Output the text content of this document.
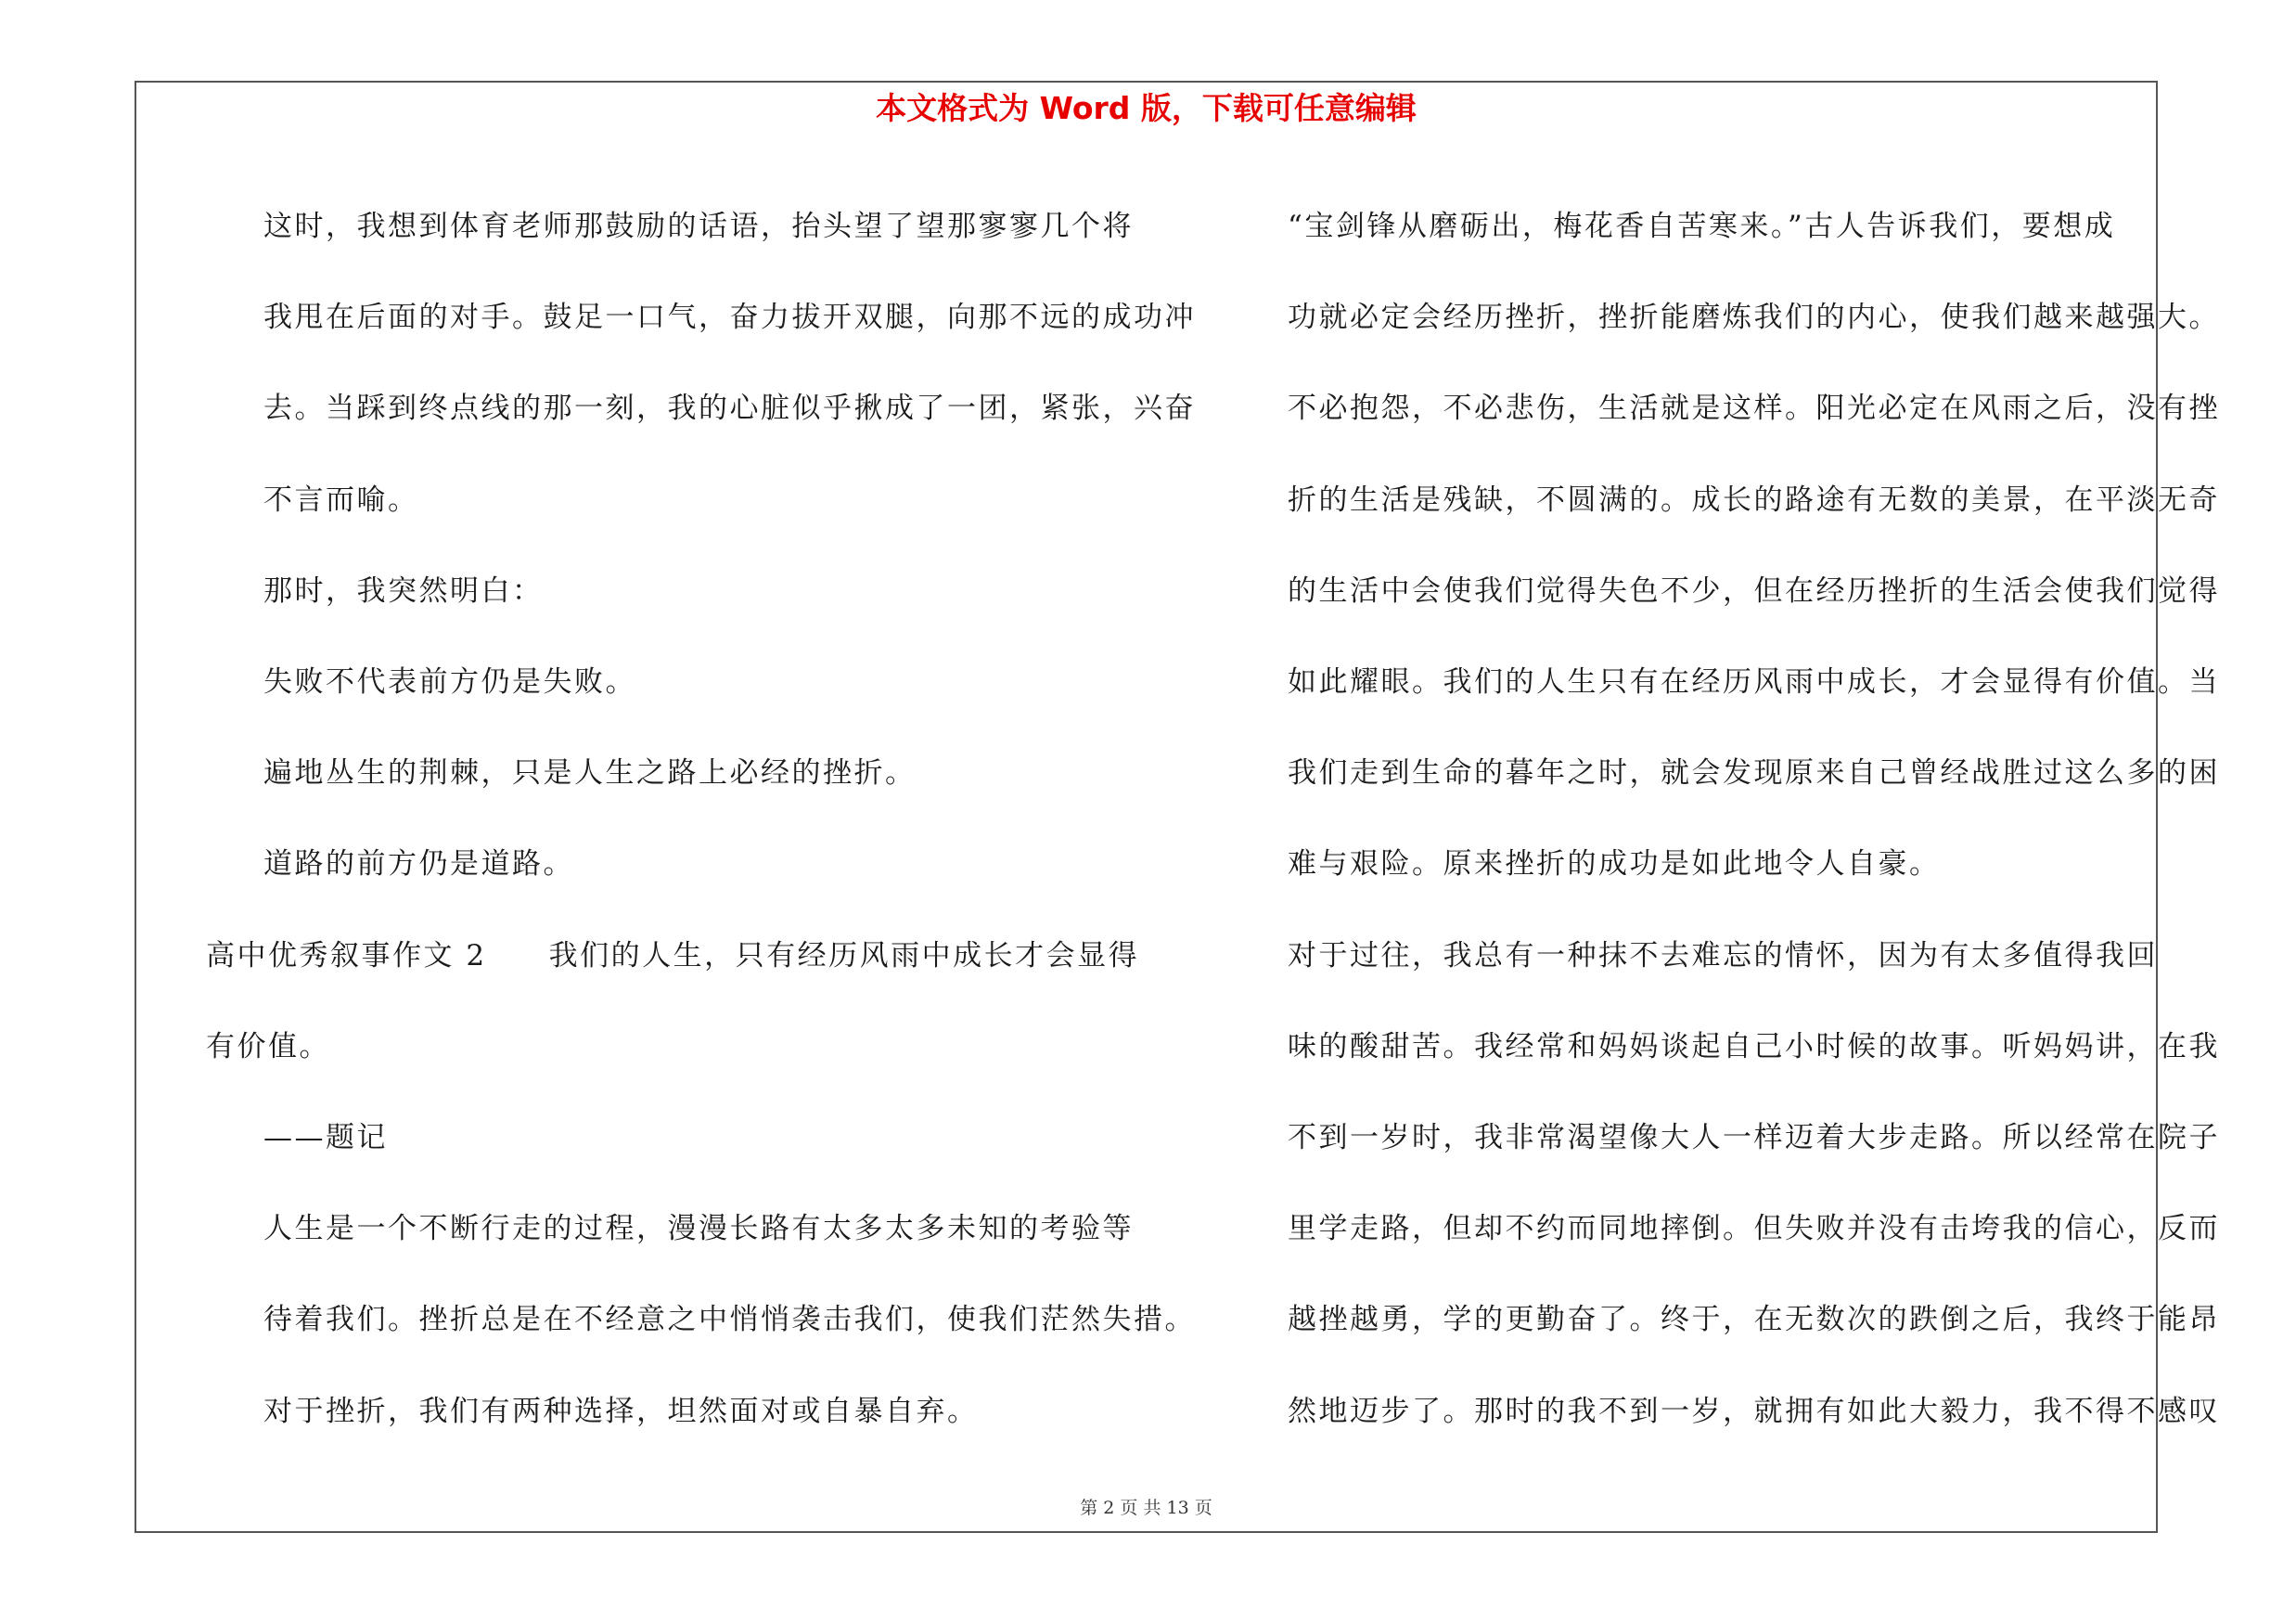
本文格式为 Word 版，下载可任意编辑

这时，我想到体育老师那鼓励的话语，抬头望了望那寥寥几个将
我甩在后面的对手。鼓足一口气，奋力拔开双腿，向那不远的成功冲
去。当踩到终点线的那一刻，我的心脏似乎揪成了一团，紧张，兴奋
不言而喻。

那时，我突然明白：

失败不代表前方仍是失败。

遍地丛生的荆棘，只是人生之路上必经的挫折。

道路的前方仍是道路。

高中优秀叙事作文 2　　我们的人生，只有经历风雨中成长才会显得
有价值。

——题记

人生是一个不断行走的过程，漫漫长路有太多太多未知的考验等
待着我们。挫折总是在不经意之中悄悄袭击我们，使我们茫然失措。
对于挫折，我们有两种选择，坦然面对或自暴自弃。

“宝剑锋从磨砺出，梅花香自苦寒来。”古人告诉我们，要想成
功就必定会经历挫折，挫折能磨炼我们的内心，使我们越来越强大。
不必抱怨，不必悲伤，生活就是这样。阳光必定在风雨之后，没有挫
折的生活是残缺，不圆满的。成长的路途有无数的美景，在平淡无奇
的生活中会使我们觉得失色不少，但在经历挫折的生活会使我们觉得
如此耀眼。我们的人生只有在经历风雨中成长，才会显得有价值。当
我们走到生命的暮年之时，就会发现原来自己曾经战胜过这么多的困
难与艰险。原来挫折的成功是如此地令人自豪。

对于过往，我总有一种抹不去难忘的情怀，因为有太多值得我回
味的酸甜苦。我经常和妈妈谈起自己小时候的故事。听妈妈讲，在我
不到一岁时，我非常渴望像大人一样迈着大步走路。所以经常在院子
里学走路，但却不约而同地摔倒。但失败并没有击垮我的信心，反而
越挫越勇，学的更勤奋了。终于，在无数次的跌倒之后，我终于能昂
然地迈步了。那时的我不到一岁，就拥有如此大毅力，我不得不感叹

第 2 页 共 13 页
